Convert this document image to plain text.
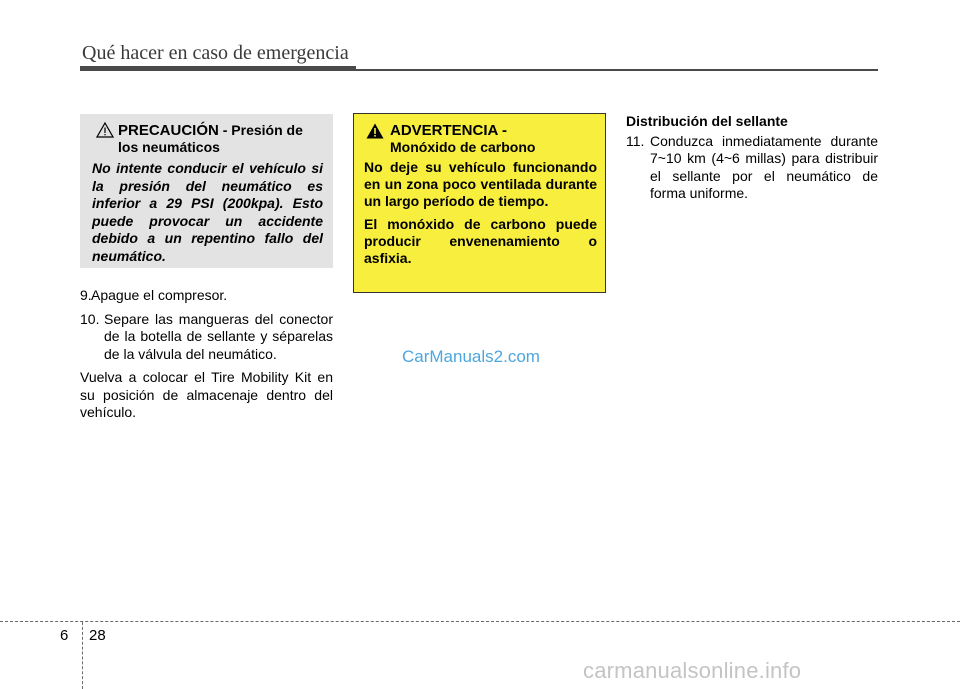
Qué hacer en caso de emergencia
PRECAUCIÓN - Presión de los neumáticos
No intente conducir el vehículo si la presión del neumático es inferior a 29 PSI (200kpa). Esto puede provocar un accidente debido a un repentino fallo del neumático.
ADVERTENCIA -
Monóxido de carbono

No deje su vehículo funcionando en un zona poco ventilada durante un largo período de tiempo.

El monóxido de carbono puede producir envenenamiento o asfixia.

9. Apague el compresor.
10. Separe las mangueras del conector de la botella de sellante y séparelas de la válvula del neumático.

Vuelva a colocar el Tire Mobility Kit en su posición de almacenaje dentro del vehículo.

Distribución del sellante
11. Conduzca inmediatamente durante 7~10 km (4~6 millas) para distribuir el sellante por el neumático de forma uniforme.
CarManuals2.com
6 28
carmanualsonline.info
